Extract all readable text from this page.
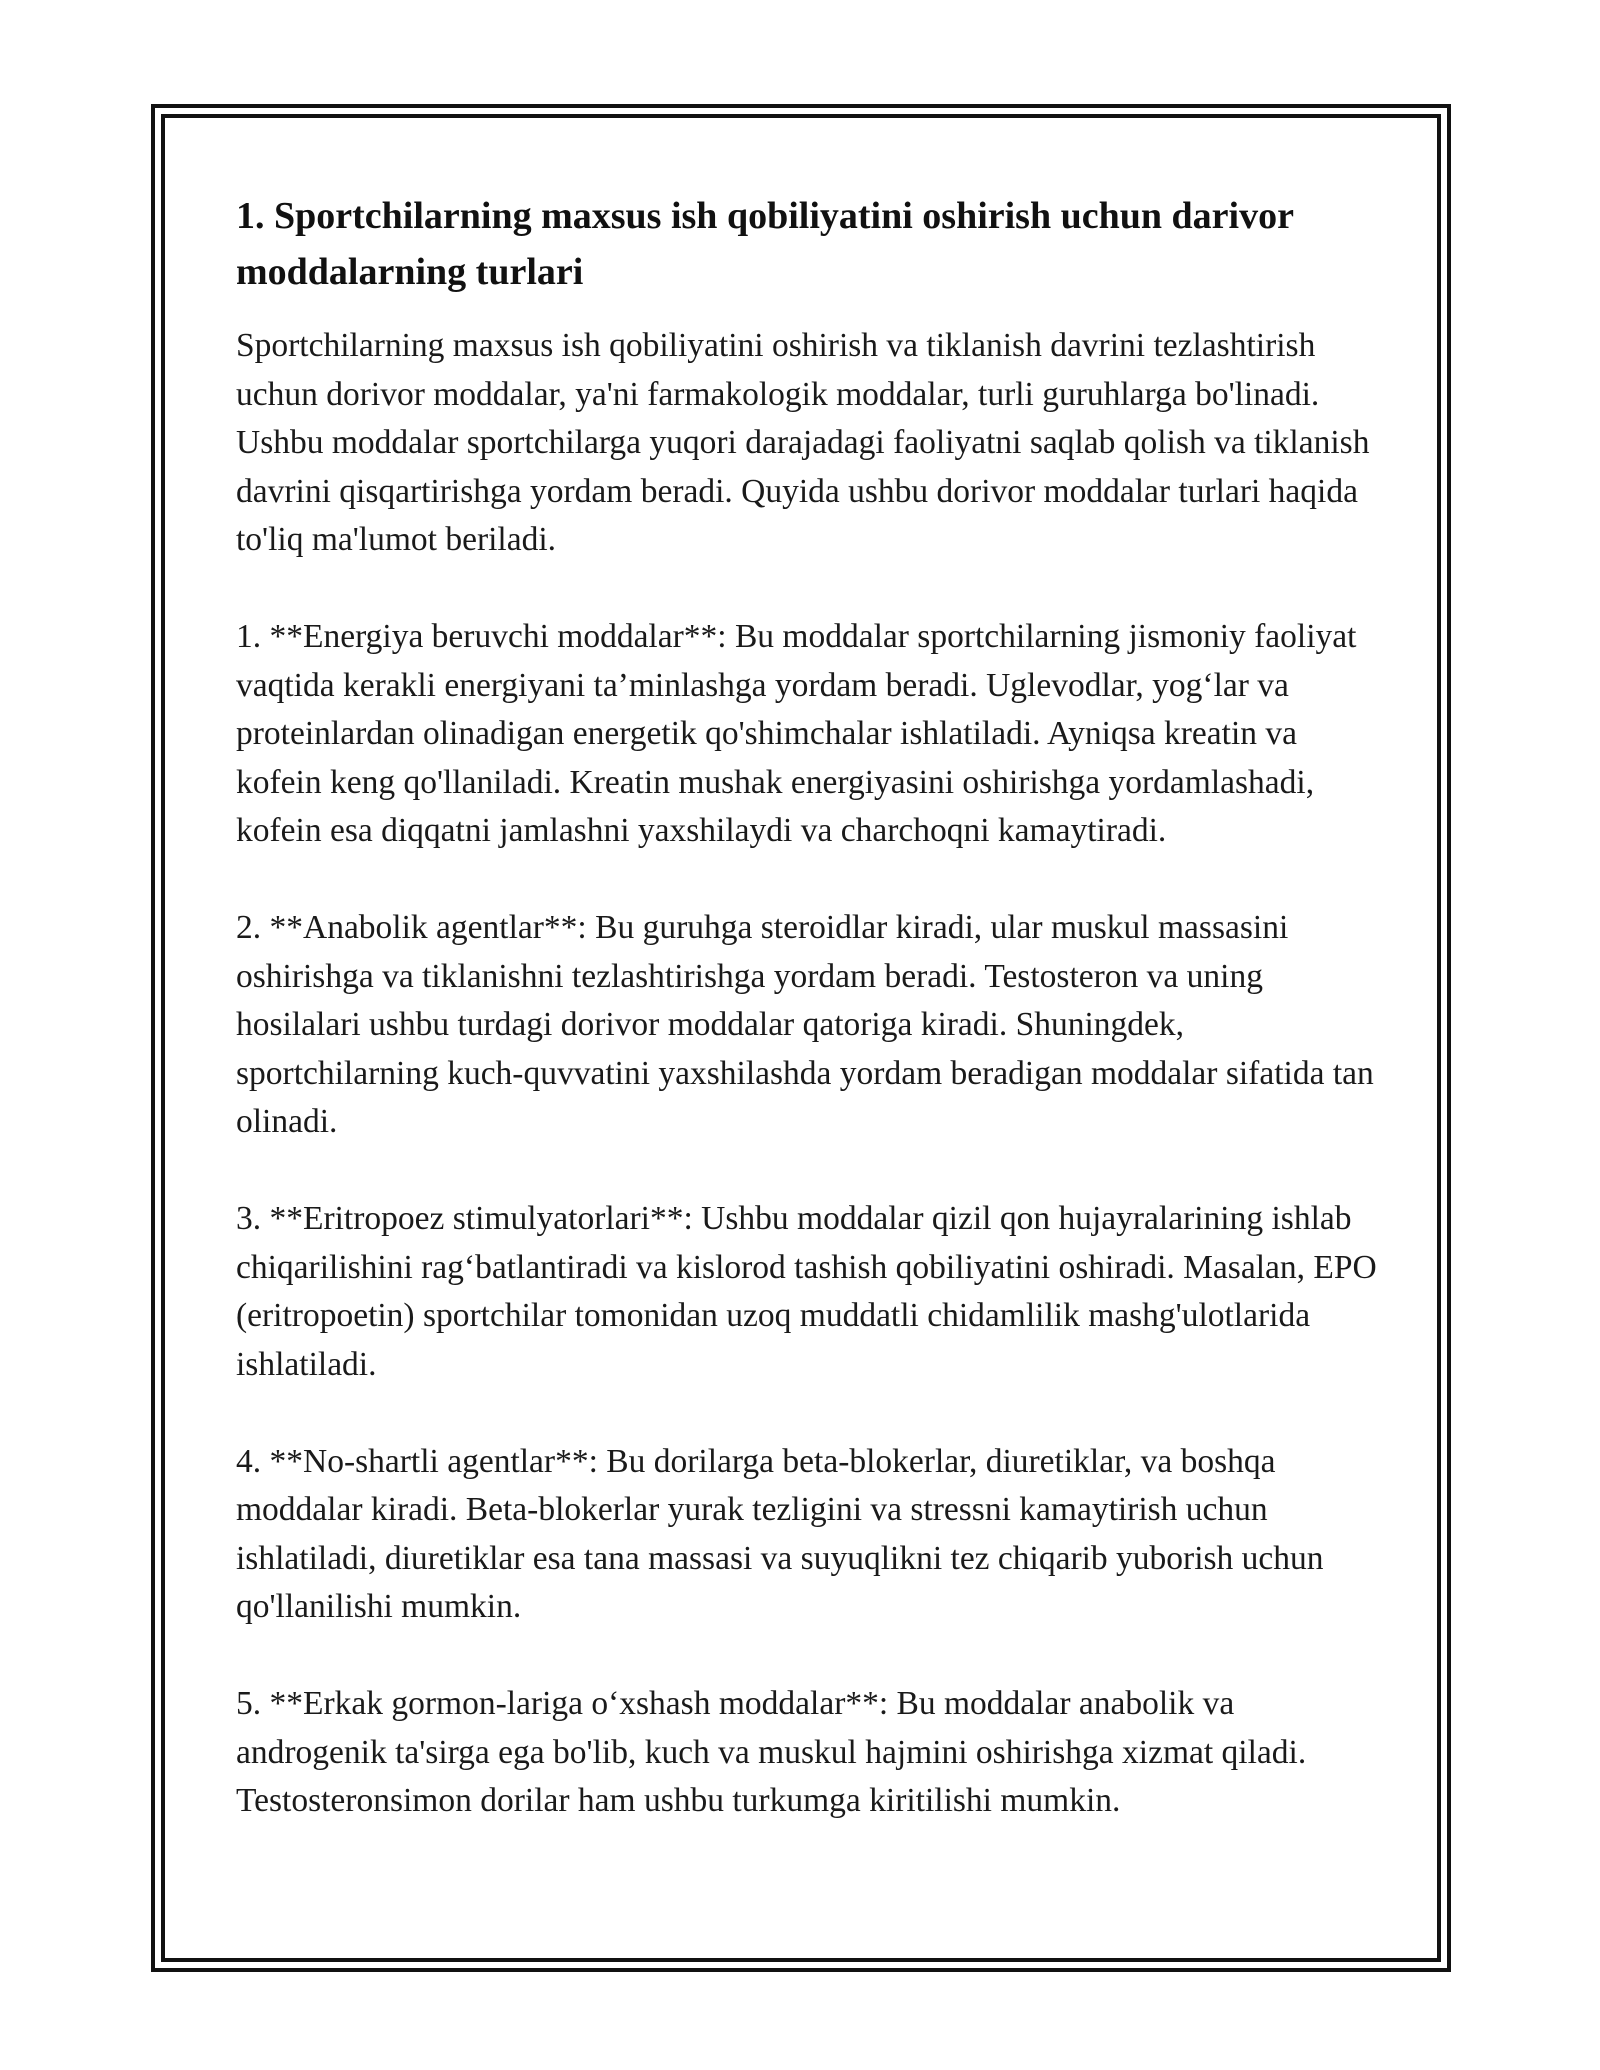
1. Sportchilarning maxsus ish qobiliyatini oshirish uchun darivor moddalarning turlari

Sportchilarning maxsus ish qobiliyatini oshirish va tiklanish davrini tezlashtirish uchun dorivor moddalar, ya'ni farmakologik moddalar, turli guruhlarga bo'linadi. Ushbu moddalar sportchilarga yuqori darajadagi faoliyatni saqlab qolish va tiklanish davrini qisqartirishga yordam beradi. Quyida ushbu dorivor moddalar turlari haqida to'liq ma'lumot beriladi.

1. **Energiya beruvchi moddalar**: Bu moddalar sportchilarning jismoniy faoliyat vaqtida kerakli energiyani ta’minlashga yordam beradi. Uglevodlar, yog‘lar va proteinlardan olinadigan energetik qo'shimchalar ishlatiladi. Ayniqsa kreatin va kofein keng qo'llaniladi. Kreatin mushak energiyasini oshirishga yordamlashadi, kofein esa diqqatni jamlashni yaxshilaydi va charchoqni kamaytiradi.

2. **Anabolik agentlar**: Bu guruhga steroidlar kiradi, ular muskul massasini oshirishga va tiklanishni tezlashtirishga yordam beradi. Testosteron va uning hosilalari ushbu turdagi dorivor moddalar qatoriga kiradi. Shuningdek, sportchilarning kuch-quvvatini yaxshilashda yordam beradigan moddalar sifatida tan olinadi.

3. **Eritropoez stimulyatorlari**: Ushbu moddalar qizil qon hujayralarining ishlab chiqarilishini rag‘batlantiradi va kislorod tashish qobiliyatini oshiradi. Masalan, EPO (eritropoetin) sportchilar tomonidan uzoq muddatli chidamlilik mashg'ulotlarida ishlatiladi.

4. **No-shartli agentlar**: Bu dorilarga beta-blokerlar, diuretiklar, va boshqa moddalar kiradi. Beta-blokerlar yurak tezligini va stressni kamaytirish uchun ishlatiladi, diuretiklar esa tana massasi va suyuqlikni tez chiqarib yuborish uchun qo'llanilishi mumkin.

5. **Erkak gormon-lariga o‘xshash moddalar**: Bu moddalar anabolik va androgenik ta'sirga ega bo'lib, kuch va muskul hajmini oshirishga xizmat qiladi. Testosteronsimon dorilar ham ushbu turkumga kiritilishi mumkin.
